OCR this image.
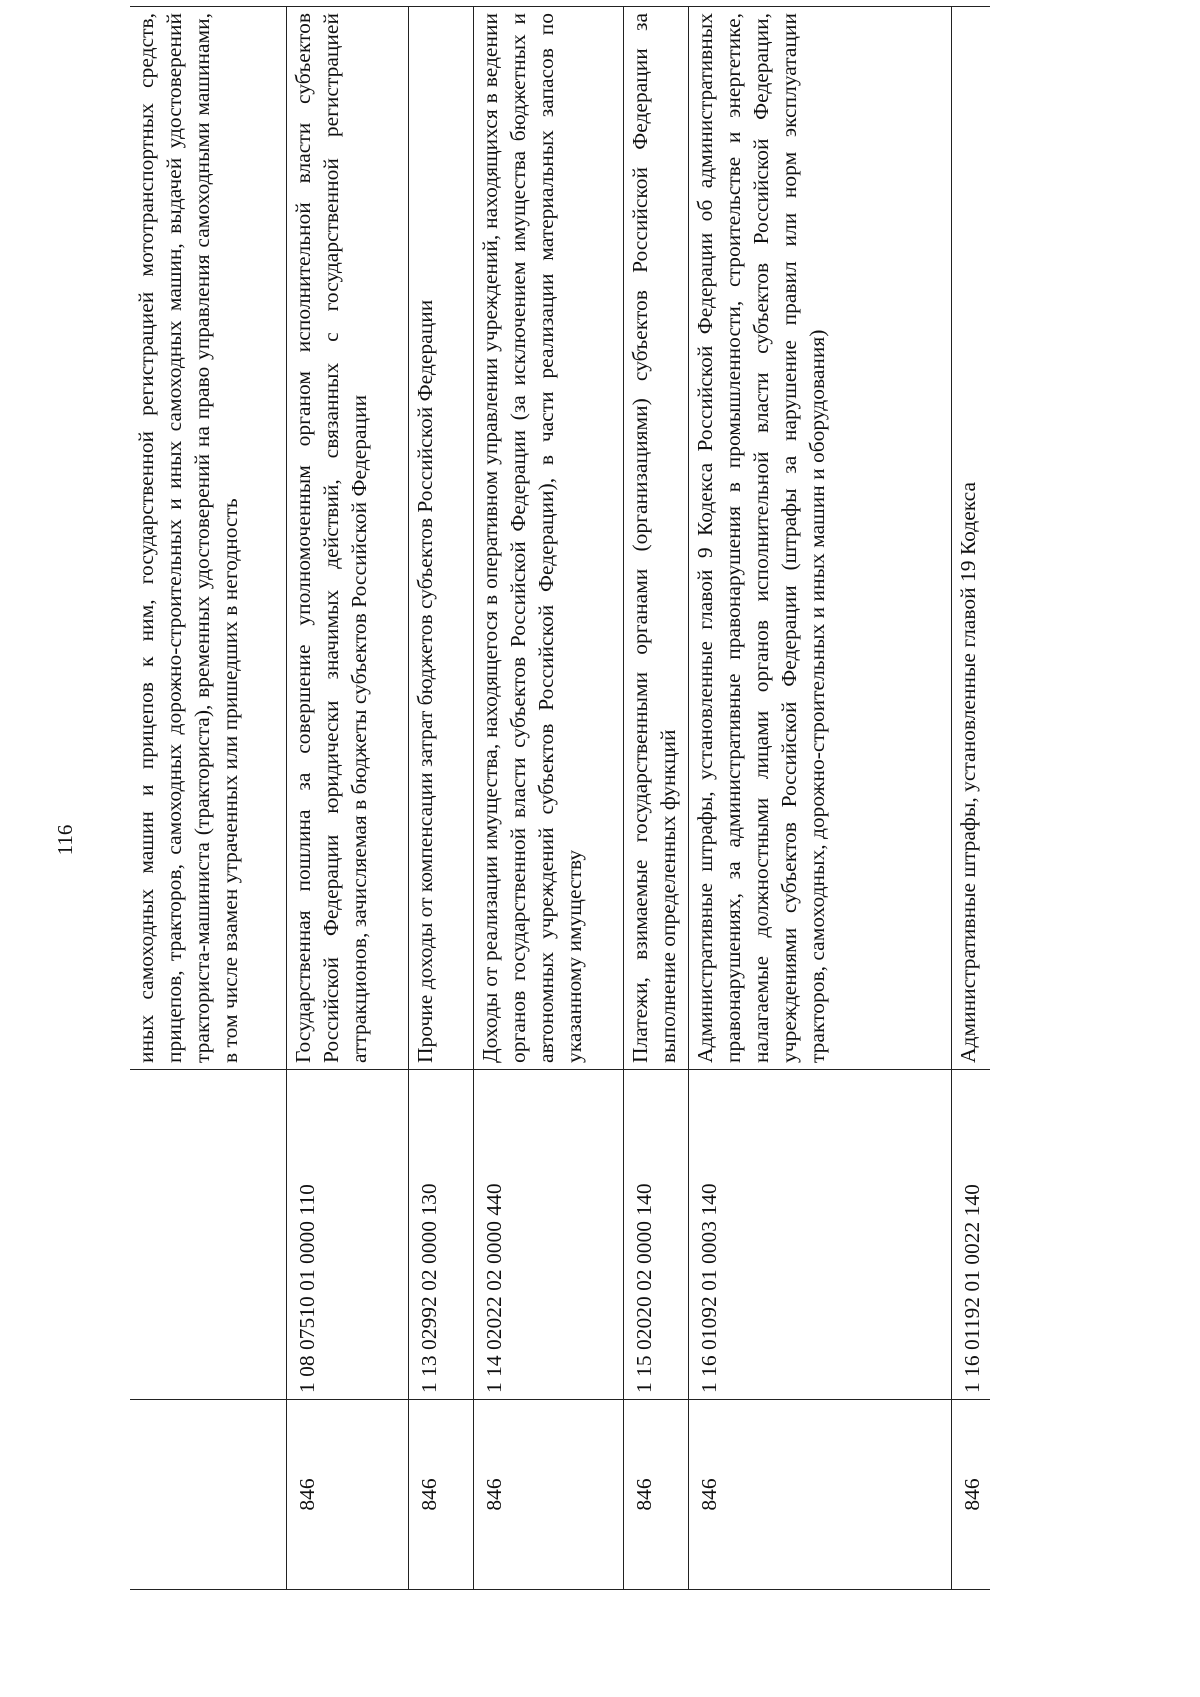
116
			иных самоходных машин и прицепов к ним, государственной регистрацией мототранспортных средств, прицепов, тракторов, самоходных дорожно-строительных и иных самоходных машин, выдачей удостоверений тракториста-машиниста (тракториста), временных удостоверений на право управления самоходными машинами, в том числе взамен утраченных или пришедших в негодность
846	1 08 07510 01 0000 110	Государственная пошлина за совершение уполномоченным органом исполнительной власти субъектов Российской Федерации юридически значимых действий, связанных с государственной регистрацией аттракционов, зачисляемая в бюджеты субъектов Российской Федерации
846	1 13 02992 02 0000 130	Прочие доходы от компенсации затрат бюджетов субъектов Российской Федерации
846	1 14 02022 02 0000 440	Доходы от реализации имущества, находящегося в оперативном управлении учреждений, находящихся в ведении органов государственной власти субъектов Российской Федерации (за исключением имущества бюджетных и автономных учреждений субъектов Российской Федерации), в части реализации материальных запасов по указанному имуществу
846	1 15 02020 02 0000 140	Платежи, взимаемые государственными органами (организациями) субъектов Российской Федерации за выполнение определенных функций
846	1 16 01092 01 0003 140	Административные штрафы, установленные главой 9 Кодекса Российской Федерации об административных правонарушениях, за административные правонарушения в промышленности, строительстве и энергетике, налагаемые должностными лицами органов исполнительной власти субъектов Российской Федерации, учреждениями субъектов Российской Федерации (штрафы за нарушение правил или норм эксплуатации тракторов, самоходных, дорожно-строительных и иных машин и оборудования)
846	1 16 01192 01 0022 140	Административные штрафы, установленные главой 19 Кодекса
